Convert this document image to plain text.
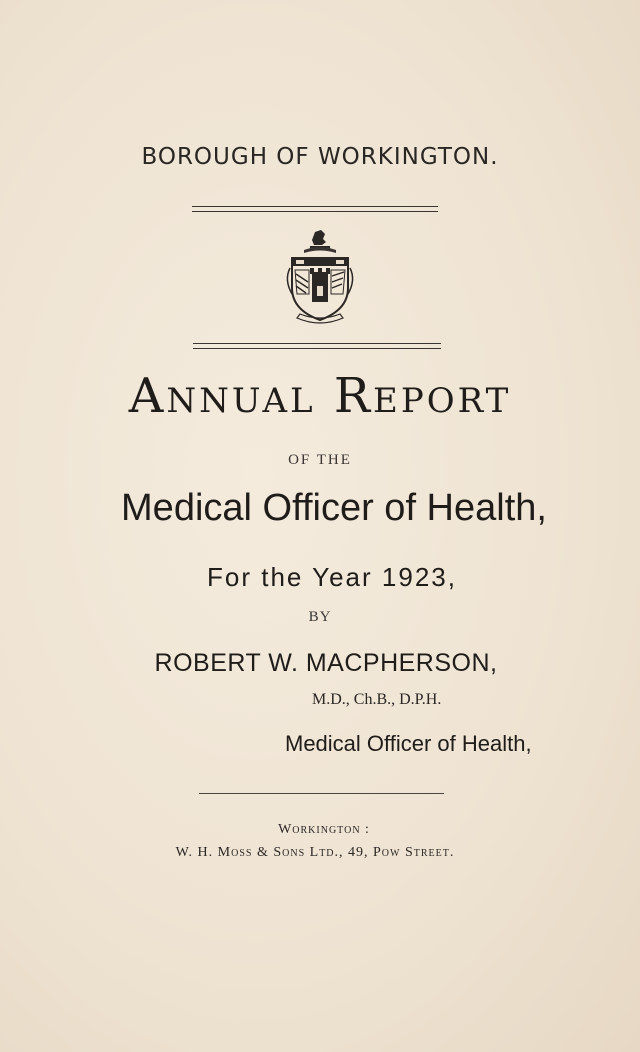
BOROUGH OF WORKINGTON.
Annual Report
OF THE
Medical Officer of Health,
For the Year 1923,
BY
ROBERT W. MACPHERSON,
M.D., Ch.B., D.P.H.
Medical Officer of Health,
Workington :
W. H. Moss & Sons Ltd., 49, Pow Street.
